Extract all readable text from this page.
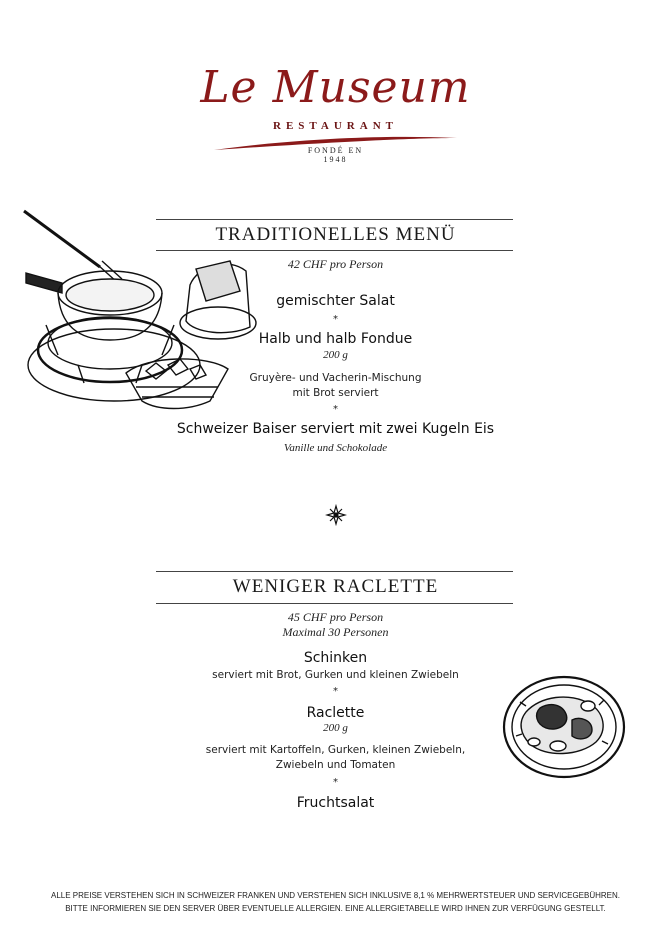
Le Museum
RESTAURANT
FONDÉ EN
1948
TRADITIONELLES MENÜ
42 CHF pro Person
gemischter Salat
*
Halb und halb Fondue
200 g
Gruyère- und Vacherin-Mischung
mit Brot serviert
*
Schweizer Baiser serviert mit zwei Kugeln Eis
Vanille und Schokolade
WENIGER RACLETTE
45 CHF pro Person
Maximal 30 Personen
Schinken
serviert mit Brot, Gurken und kleinen Zwiebeln
*
Raclette
200 g
serviert mit Kartoffeln, Gurken, kleinen Zwiebeln,
Zwiebeln und Tomaten
*
Fruchtsalat
ALLE PREISE VERSTEHEN SICH IN SCHWEIZER FRANKEN UND VERSTEHEN SICH INKLUSIVE 8,1 % MEHRWERTSTEUER UND SERVICEGEBÜHREN.
BITTE INFORMIEREN SIE DEN SERVER ÜBER EVENTUELLE ALLERGIEN. EINE ALLERGIETABELLE WIRD IHNEN ZUR VERFÜGUNG GESTELLT.
